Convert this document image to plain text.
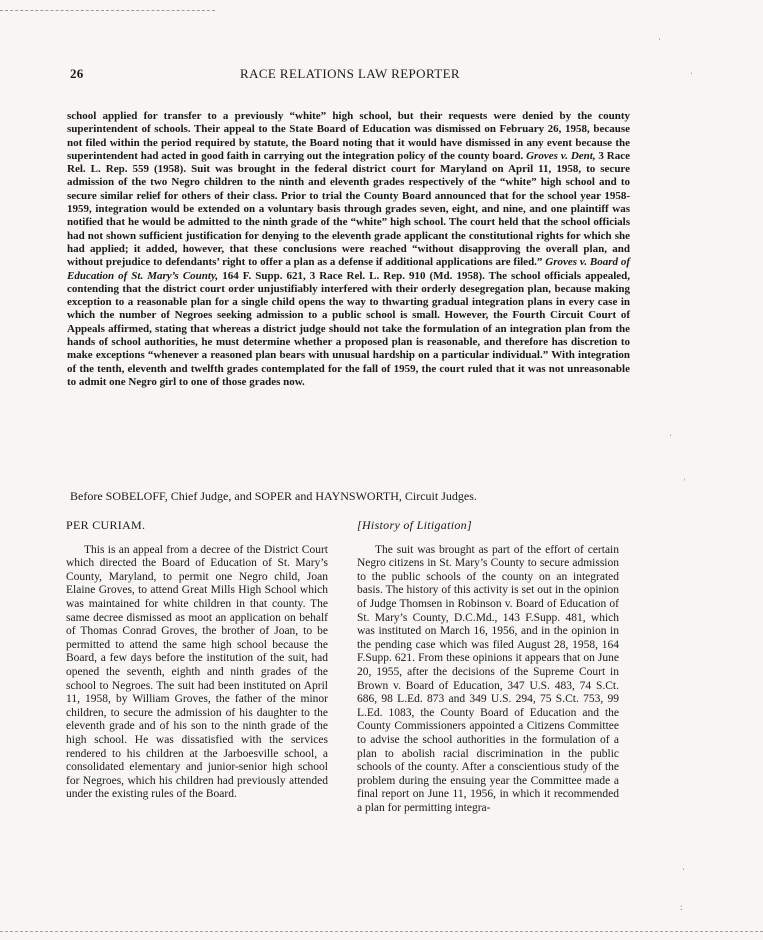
˙
ˈ
ˈ
˓
ˈ
˸
26	RACE RELATIONS LAW REPORTER

school applied for transfer to a previously “white” high school, but their requests were denied by the county superintendent of schools. Their appeal to the State Board of Education was dismissed on February 26, 1958, because not filed within the period required by statute, the Board noting that it would have dismissed in any event because the superintendent had acted in good faith in carrying out the integration policy of the county board. Groves v. Dent, 3 Race Rel. L. Rep. 559 (1958). Suit was brought in the federal district court for Maryland on April 11, 1958, to secure admission of the two Negro children to the ninth and eleventh grades respectively of the “white” high school and to secure similar relief for others of their class. Prior to trial the County Board announced that for the school year 1958-1959, integration would be extended on a voluntary basis through grades seven, eight, and nine, and one plaintiff was notified that he would be admitted to the ninth grade of the “white” high school. The court held that the school officials had not shown sufficient justification for denying to the eleventh grade applicant the constitutional rights for which she had applied; it added, however, that these conclusions were reached “without disapproving the overall plan, and without prejudice to defendants’ right to offer a plan as a defense if additional applications are filed.” Groves v. Board of Education of St. Mary’s County, 164 F. Supp. 621, 3 Race Rel. L. Rep. 910 (Md. 1958). The school officials appealed, contending that the district court order unjustifiably interfered with their orderly desegregation plan, because making exception to a reasonable plan for a single child opens the way to thwarting gradual integration plans in every case in which the number of Negroes seeking admission to a public school is small. However, the Fourth Circuit Court of Appeals affirmed, stating that whereas a district judge should not take the formulation of an integration plan from the hands of school authorities, he must determine whether a proposed plan is reasonable, and therefore has discretion to make exceptions “whenever a reasoned plan bears with unusual hardship on a particular individual.” With integration of the tenth, eleventh and twelfth grades contemplated for the fall of 1959, the court ruled that it was not unreasonable to admit one Negro girl to one of those grades now.

Before SOBELOFF, Chief Judge, and SOPER and HAYNSWORTH, Circuit Judges.

PER CURIAM.

This is an appeal from a decree of the District Court which directed the Board of Education of St. Mary’s County, Maryland, to permit one Negro child, Joan Elaine Groves, to attend Great Mills High School which was maintained for white children in that county. The same decree dismissed as moot an application on behalf of Thomas Conrad Groves, the brother of Joan, to be permitted to attend the same high school because the Board, a few days before the institution of the suit, had opened the seventh, eighth and ninth grades of the school to Negroes. The suit had been instituted on April 11, 1958, by William Groves, the father of the minor children, to secure the admission of his daughter to the eleventh grade and of his son to the ninth grade of the high school. He was dissatisfied with the services rendered to his children at the Jarboesville school, a consolidated elementary and junior-senior high school for Negroes, which his children had previously attended under the existing rules of the Board.

[History of Litigation]

The suit was brought as part of the effort of certain Negro citizens in St. Mary’s County to secure admission to the public schools of the county on an integrated basis. The history of this activity is set out in the opinion of Judge Thomsen in Robinson v. Board of Education of St. Mary’s County, D.C.Md., 143 F.Supp. 481, which was instituted on March 16, 1956, and in the opinion in the pending case which was filed August 28, 1958, 164 F.Supp. 621. From these opinions it appears that on June 20, 1955, after the decisions of the Supreme Court in Brown v. Board of Education, 347 U.S. 483, 74 S.Ct. 686, 98 L.Ed. 873 and 349 U.S. 294, 75 S.Ct. 753, 99 L.Ed. 1083, the County Board of Education and the County Commissioners appointed a Citizens Committee to advise the school authorities in the formulation of a plan to abolish racial discrimination in the public schools of the county. After a conscientious study of the problem during the ensuing year the Committee made a final report on June 11, 1956, in which it recommended a plan for permitting integra-
